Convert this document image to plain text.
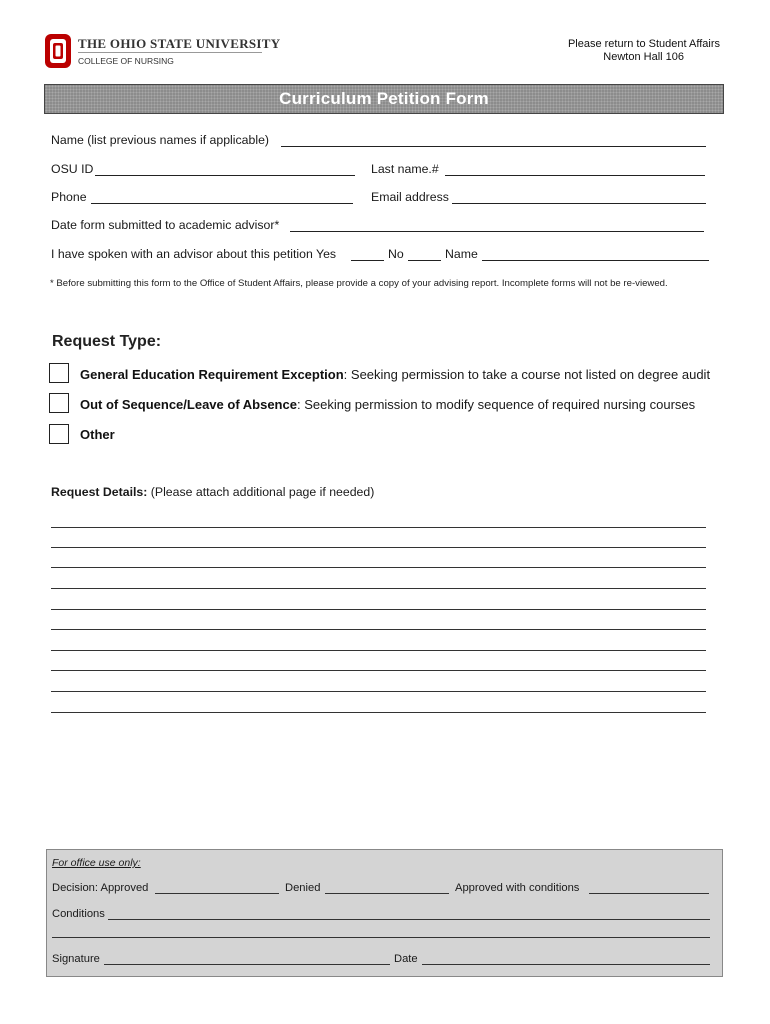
THE OHIO STATE UNIVERSITY
COLLEGE OF NURSING
Please return to Student Affairs
Newton Hall 106
Curriculum Petition Form
Name (list previous names if applicable)
OSU ID	Last name.#
Phone	Email address
Date form submitted to academic advisor*
I have spoken with an advisor about this petition Yes	No	Name
* Before submitting this form to the Office of Student Affairs, please provide a copy of your advising report. Incomplete forms will not be re-viewed.
Request Type:
General Education Requirement Exception: Seeking permission to take a course not listed on degree audit
Out of Sequence/Leave of Absence: Seeking permission to modify sequence of required nursing courses
Other
Request Details: (Please attach additional page if needed)
For office use only:
Decision: Approved	Denied	Approved with conditions
Conditions
Signature	Date
